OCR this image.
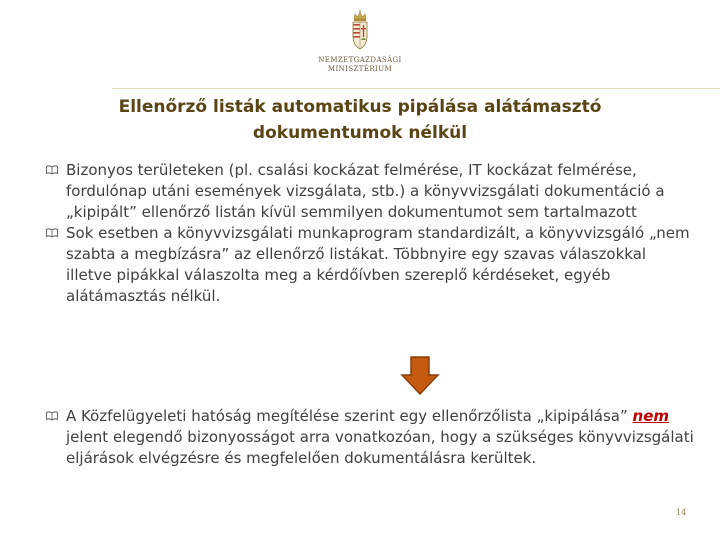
NEMZETGAZDASÁGI
MINISZTÉRIUM
Ellenőrző listák automatikus pipálása alátámasztó
dokumentumok nélkül
Bizonyos területeken (pl. csalási kockázat felmérése, IT kockázat felmérése, fordulónap utáni események vizsgálata, stb.) a könyvvizsgálati dokumentáció a „kipipált” ellenőrző listán kívül semmilyen dokumentumot sem tartalmazott
Sok esetben a könyvvizsgálati munkaprogram standardizált, a könyvvizsgáló „nem szabta a megbízásra” az ellenőrző listákat. Többnyire egy szavas válaszokkal illetve pipákkal válaszolta meg a kérdőívben szereplő kérdéseket, egyéb alátámasztás nélkül.
A Közfelügyeleti hatóság megítélése szerint egy ellenőrzőlista „kipipálása” nem jelent elegendő bizonyosságot arra vonatkozóan, hogy a szükséges könyvvizsgálati eljárások elvégzésre és megfelelően dokumentálásra kerültek.
14
